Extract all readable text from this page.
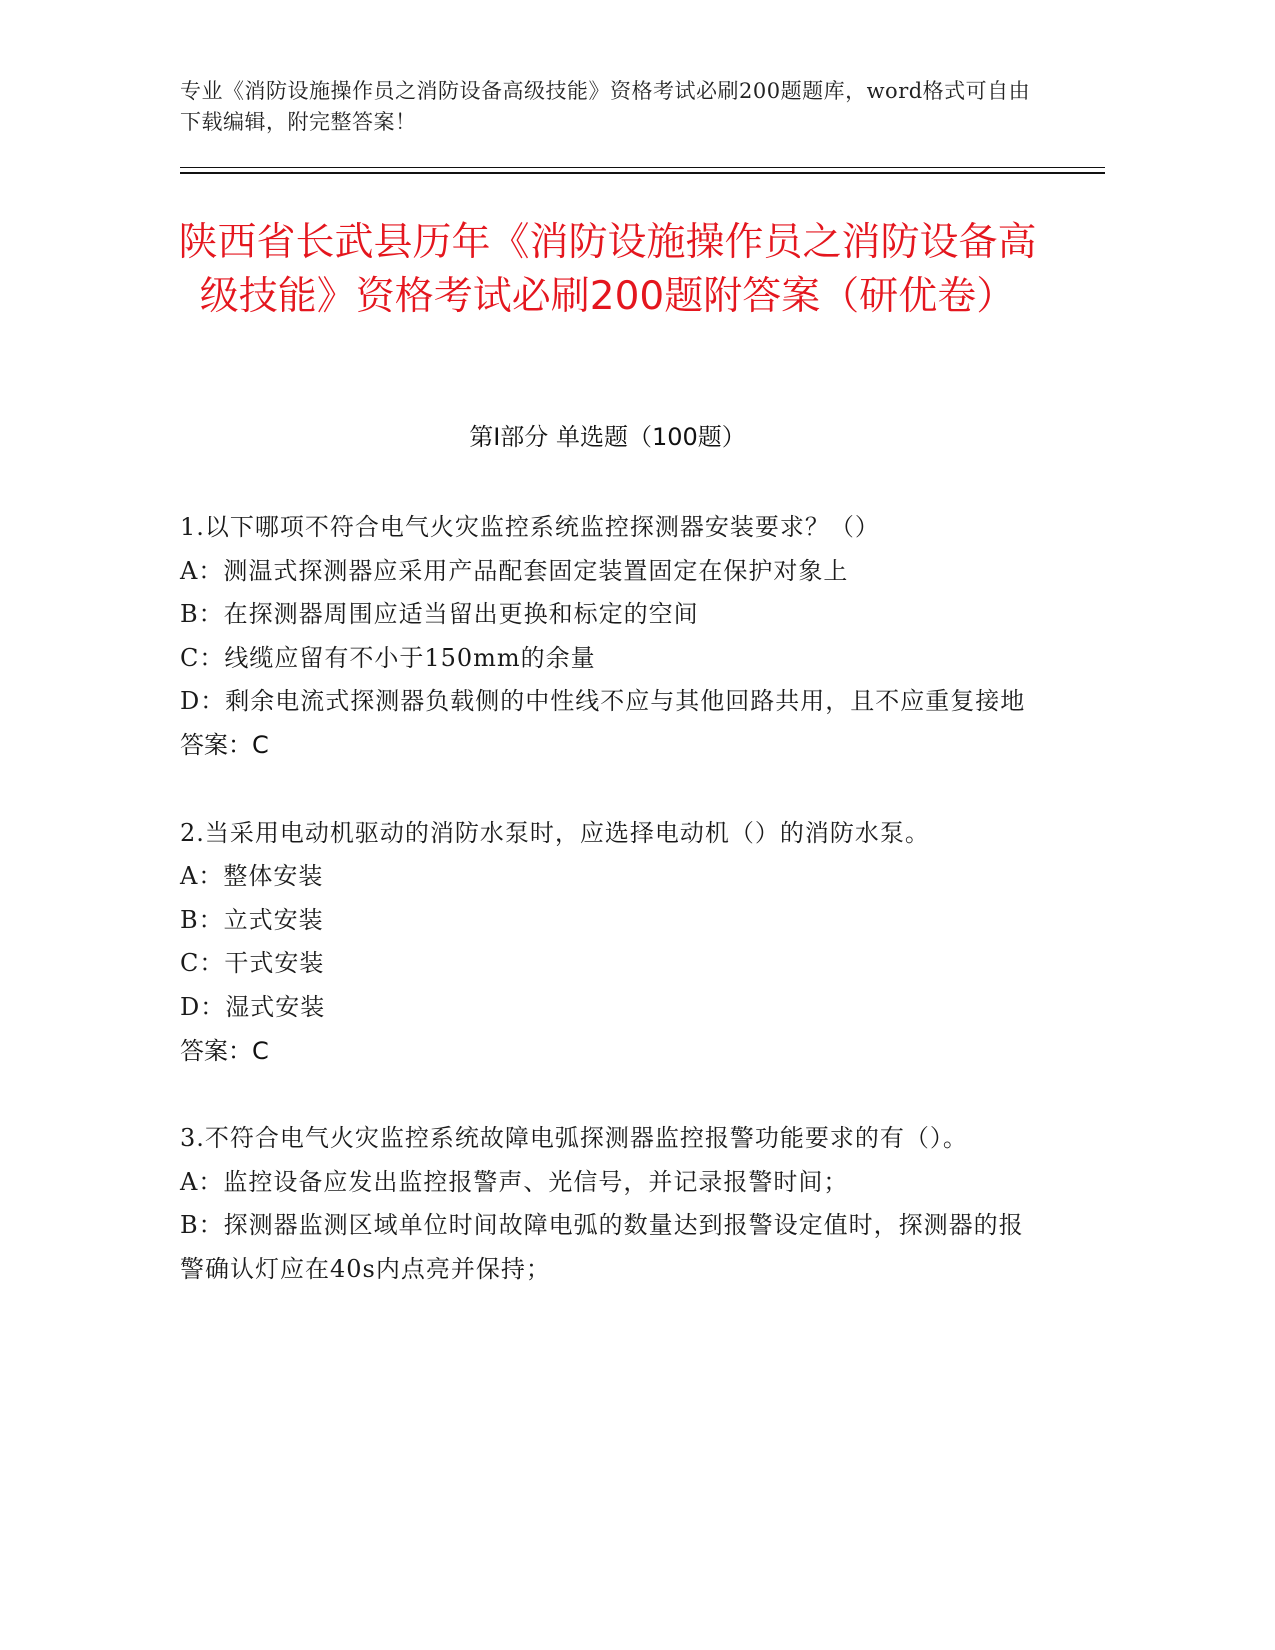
专业《消防设施操作员之消防设备高级技能》资格考试必刷200题题库，word格式可自由下载编辑，附完整答案！
陕西省长武县历年《消防设施操作员之消防设备高级技能》资格考试必刷200题附答案（研优卷）
第Ⅰ部分 单选题（100题）
1.以下哪项不符合电气火灾监控系统监控探测器安装要求？（）
A：测温式探测器应采用产品配套固定装置固定在保护对象上
B：在探测器周围应适当留出更换和标定的空间
C：线缆应留有不小于150mm的余量
D：剩余电流式探测器负载侧的中性线不应与其他回路共用，且不应重复接地
答案：C
2.当采用电动机驱动的消防水泵时，应选择电动机（）的消防水泵。
A：整体安装
B：立式安装
C：干式安装
D：湿式安装
答案：C
3.不符合电气火灾监控系统故障电弧探测器监控报警功能要求的有（）。
A：监控设备应发出监控报警声、光信号，并记录报警时间；
B：探测器监测区域单位时间故障电弧的数量达到报警设定值时，探测器的报警确认灯应在40s内点亮并保持；
